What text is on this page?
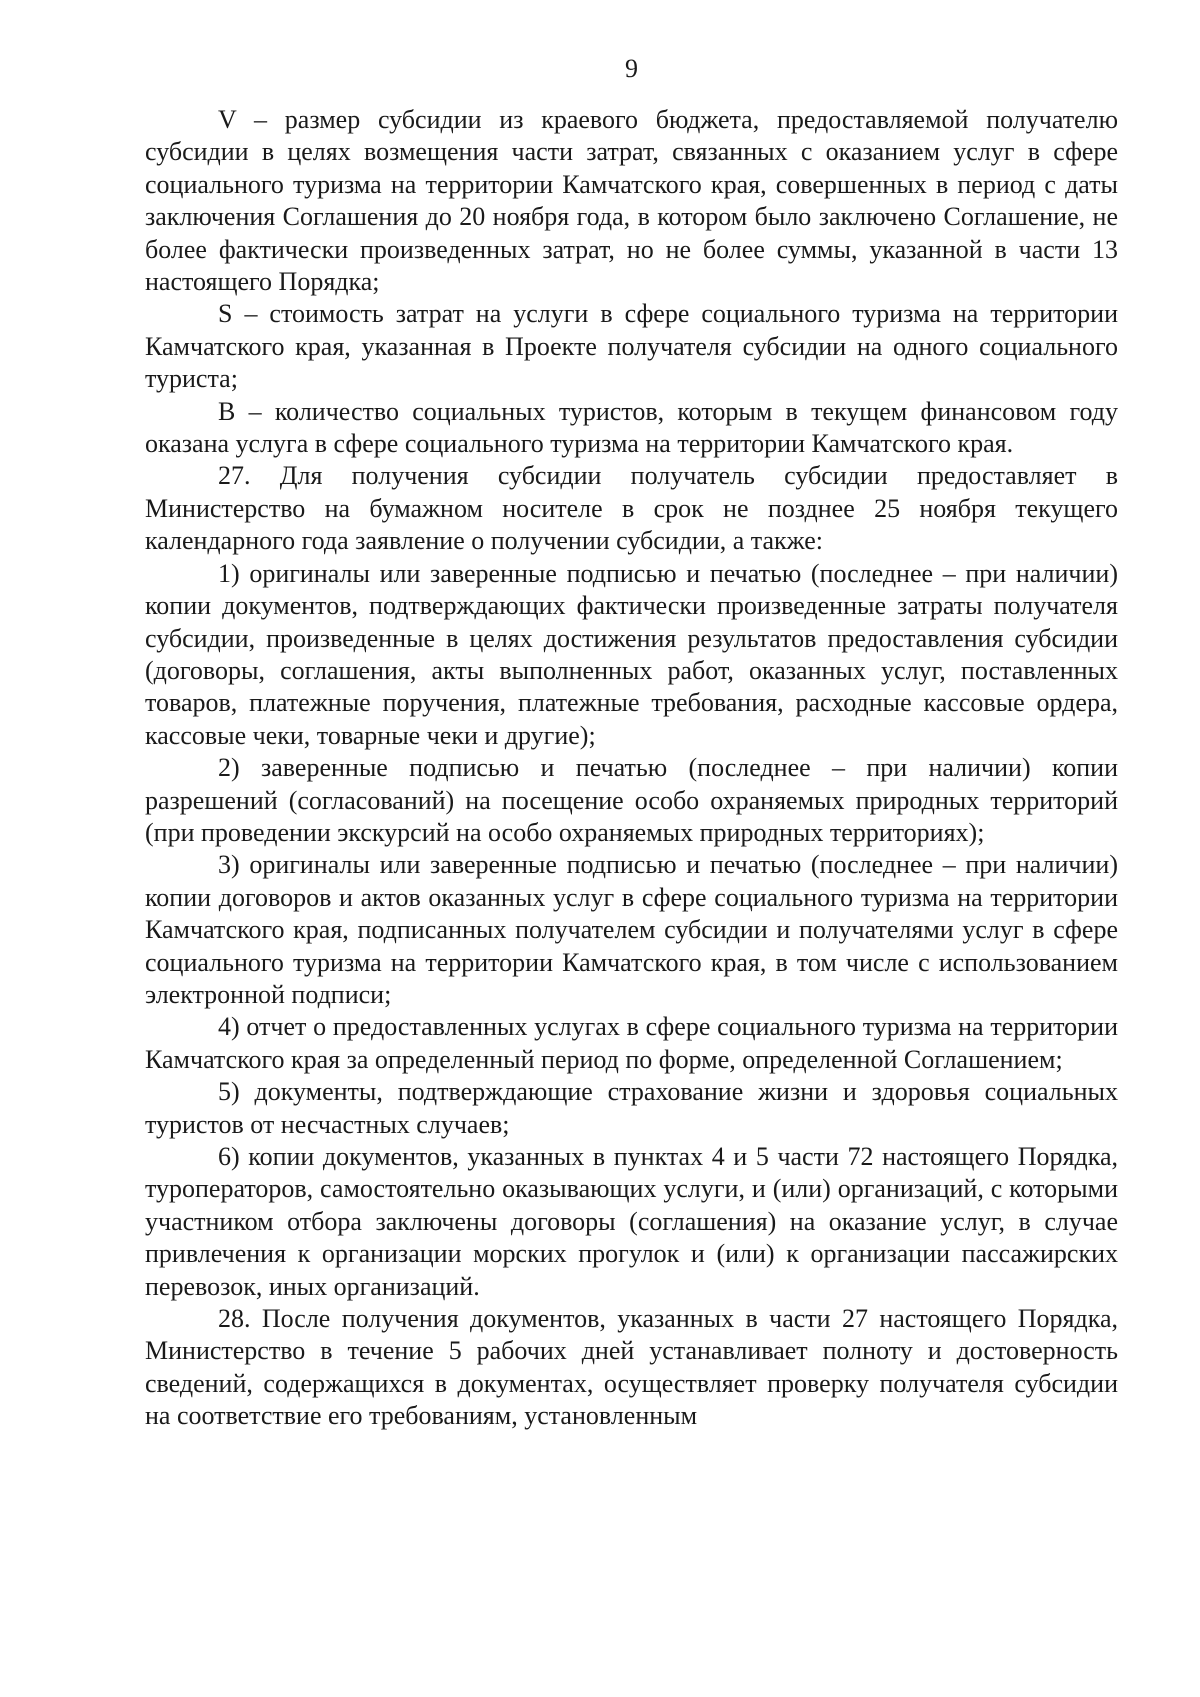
9

V – размер субсидии из краевого бюджета, предоставляемой получателю субсидии в целях возмещения части затрат, связанных с оказанием услуг в сфере социального туризма на территории Камчатского края, совершенных в период с даты заключения Соглашения до 20 ноября года, в котором было заключено Соглашение, не более фактически произведенных затрат, но не более суммы, указанной в части 13 настоящего Порядка;

S – стоимость затрат на услуги в сфере социального туризма на территории Камчатского края, указанная в Проекте получателя субсидии на одного социального туриста;

B – количество социальных туристов, которым в текущем финансовом году оказана услуга в сфере социального туризма на территории Камчатского края.

27. Для получения субсидии получатель субсидии предоставляет в Министерство на бумажном носителе в срок не позднее 25 ноября текущего календарного года заявление о получении субсидии, а также:

1) оригиналы или заверенные подписью и печатью (последнее – при наличии) копии документов, подтверждающих фактически произведенные затраты получателя субсидии, произведенные в целях достижения результатов предоставления субсидии (договоры, соглашения, акты выполненных работ, оказанных услуг, поставленных товаров, платежные поручения, платежные требования, расходные кассовые ордера, кассовые чеки, товарные чеки и другие);

2) заверенные подписью и печатью (последнее – при наличии) копии разрешений (согласований) на посещение особо охраняемых природных территорий (при проведении экскурсий на особо охраняемых природных территориях);

3) оригиналы или заверенные подписью и печатью (последнее – при наличии) копии договоров и актов оказанных услуг в сфере социального туризма на территории Камчатского края, подписанных получателем субсидии и получателями услуг в сфере социального туризма на территории Камчатского края, в том числе с использованием электронной подписи;

4) отчет о предоставленных услугах в сфере социального туризма на территории Камчатского края за определенный период по форме, определенной Соглашением;

5) документы, подтверждающие страхование жизни и здоровья социальных туристов от несчастных случаев;

6) копии документов, указанных в пунктах 4 и 5 части 72 настоящего Порядка, туроператоров, самостоятельно оказывающих услуги, и (или) организаций, с которыми участником отбора заключены договоры (соглашения) на оказание услуг, в случае привлечения к организации морских прогулок и (или) к организации пассажирских перевозок, иных организаций.

28. После получения документов, указанных в части 27 настоящего Порядка, Министерство в течение 5 рабочих дней устанавливает полноту и достоверность сведений, содержащихся в документах, осуществляет проверку получателя субсидии на соответствие его требованиям, установленным
